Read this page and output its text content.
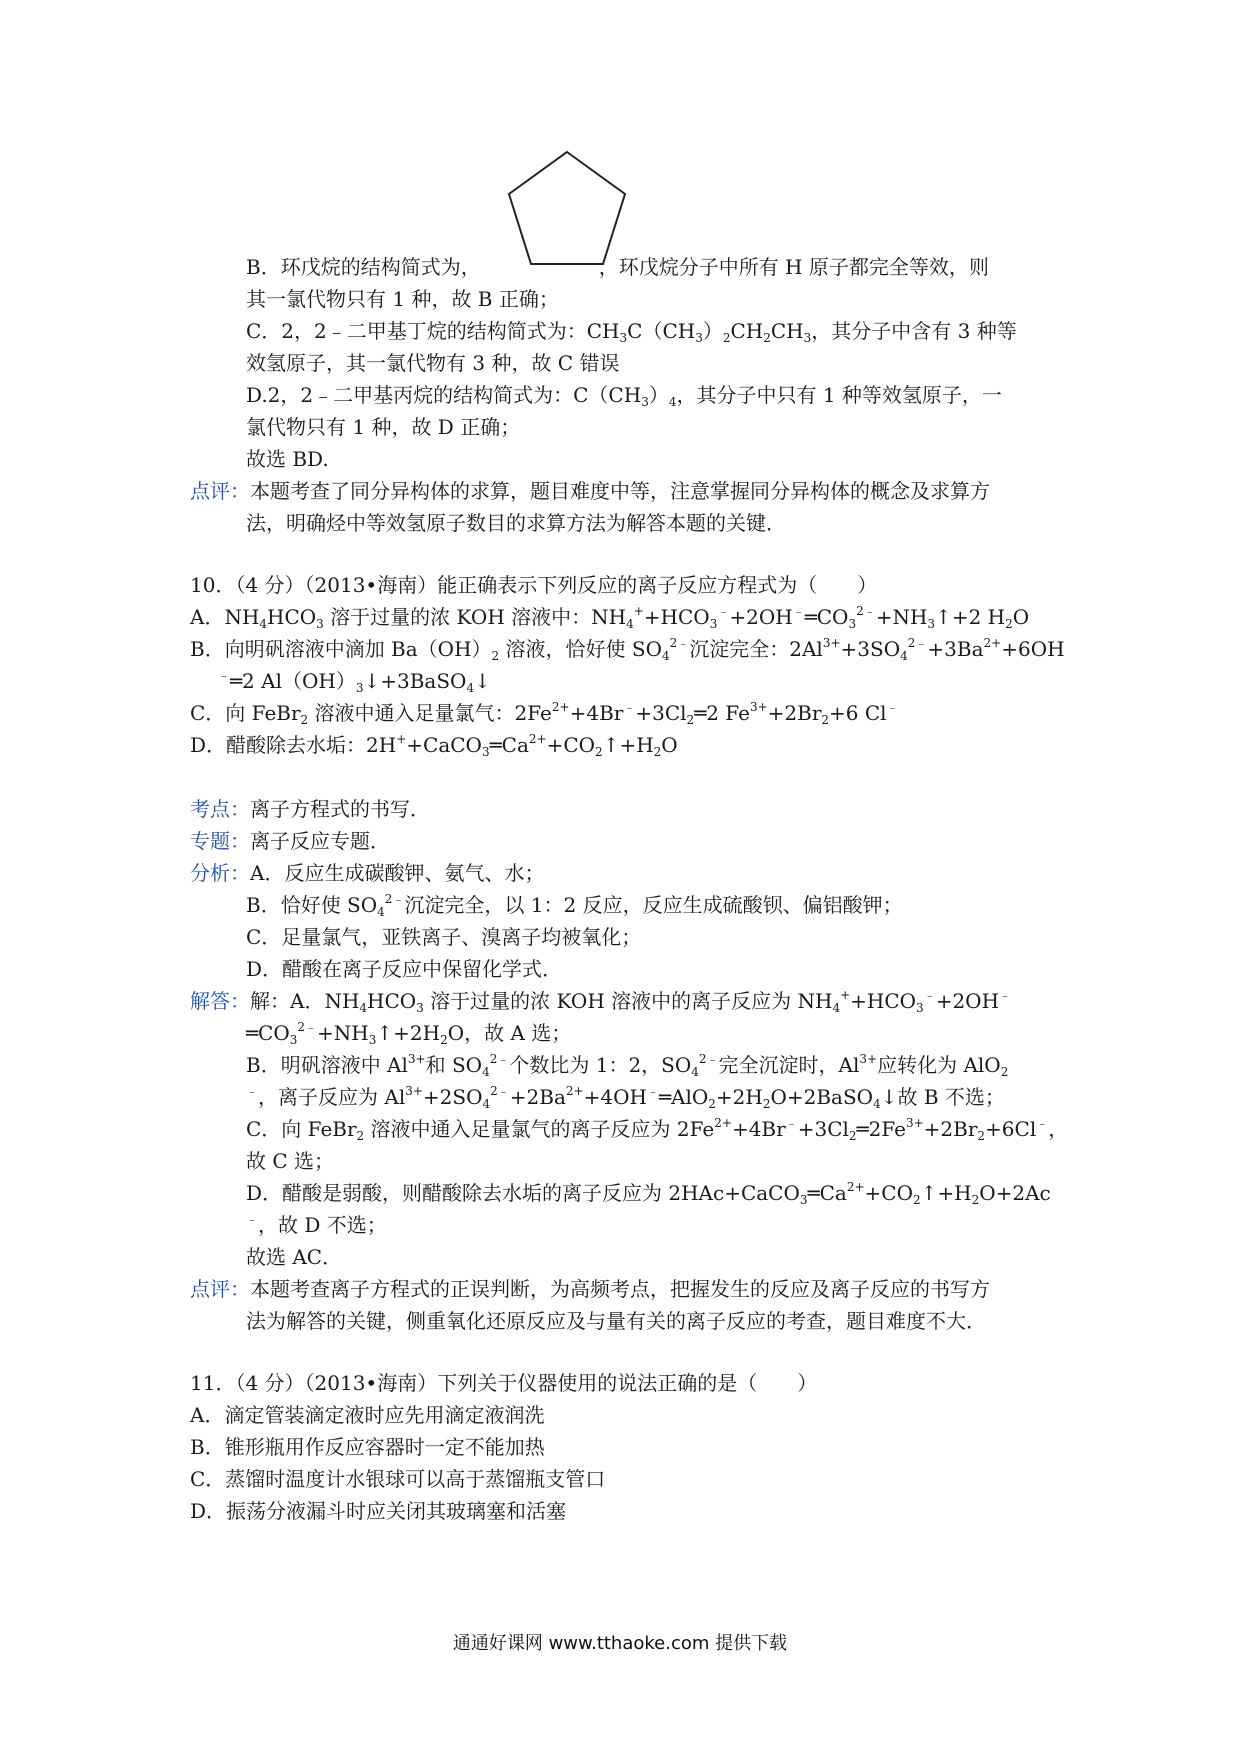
B．环戊烷的结构简式为，	，环戊烷分子中所有 H 原子都完全等效，则
其一氯代物只有 1 种，故 B 正确；
C．2，2﹣二甲基丁烷的结构简式为：$CH_3C(CH_3)_2CH_2CH_3$，其分子中含有 3 种等
效氢原子，其一氯代物有 3 种，故 C 错误
D.2，2﹣二甲基丙烷的结构简式为：$C(CH_3)_4$，其分子中只有 1 种等效氢原子，一
氯代物只有 1 种，故 D 正确；
故选 BD.
点评：本题考查了同分异构体的求算，题目难度中等，注意掌握同分异构体的概念及求算方
法，明确烃中等效氢原子数目的求算方法为解答本题的关键．
10．（4 分）（2013•海南）能正确表示下列反应的离子反应方程式为（　　）
A．$NH_4HCO_3$ 溶于过量的浓 KOH 溶液中：$NH_4^++HCO_3^﹣+2OH^﹣═CO_3^{2﹣}+NH_3↑+2$ $H_2O$
B．向明矾溶液中滴加 $Ba(OH)_2$ 溶液，恰好使 $SO_4^{2﹣}$沉淀完全：$2Al^{3+}+3SO_4^{2﹣}+3Ba^{2+}+6OH$
﹣═2 $Al(OH)_3↓+3BaSO_4↓$
C．向 FeBr$_2$ 溶液中通入足量氯气：$2Fe^{2+}+4Br^﹣+3Cl_2═2$ $Fe^{3+}+2Br_2+6$ Cl﹣
D．醋酸除去水垢：$2H^++CaCO_3═Ca^{2+}+CO_2↑+H_2O$
考点：离子方程式的书写．
专题：离子反应专题．
分析：A．反应生成碳酸钾、氨气、水；
B．恰好使 $SO_4^{2﹣}$沉淀完全，以 1：2 反应，反应生成硫酸钡、偏铝酸钾；
C．足量氯气，亚铁离子、溴离子均被氧化；
D．醋酸在离子反应中保留化学式．
解答：解：A．$NH_4HCO_3$ 溶于过量的浓 KOH 溶液中的离子反应为 $NH_4^++HCO_3^﹣+2OH^﹣$
$═CO_3^{2﹣}+NH_3↑+2H_2O$，故 A 选；
B．明矾溶液中 $Al^{3+}$和 $SO_4^{2﹣}$个数比为 1：2，$SO_4^{2﹣}$完全沉淀时，$Al^{3+}$应转化为 AlO$_2$
﹣，离子反应为 $Al^{3+}+2SO_4^{2﹣}+2Ba^{2+}+4OH^﹣═AlO_2+2H_2O+2BaSO_4↓$故 B 不选；
C．向 FeBr$_2$ 溶液中通入足量氯气的离子反应为 $2Fe^{2+}+4Br^﹣+3Cl_2═2Fe^{3+}+2Br_2+6Cl^﹣$，
故 C 选；
D．醋酸是弱酸，则醋酸除去水垢的离子反应为 $2HAc+CaCO_3═Ca^{2+}+CO_2↑+H_2O+2Ac$
﹣，故 D 不选；
故选 AC．
点评：本题考查离子方程式的正误判断，为高频考点，把握发生的反应及离子反应的书写方
法为解答的关键，侧重氧化还原反应及与量有关的离子反应的考查，题目难度不大．
11．（4 分）（2013•海南）下列关于仪器使用的说法正确的是（　　）
A．滴定管装滴定液时应先用滴定液润洗
B．锥形瓶用作反应容器时一定不能加热
C．蒸馏时温度计水银球可以高于蒸馏瓶支管口
D．振荡分液漏斗时应关闭其玻璃塞和活塞
通通好课网 www.tthaoke.com 提供下载
